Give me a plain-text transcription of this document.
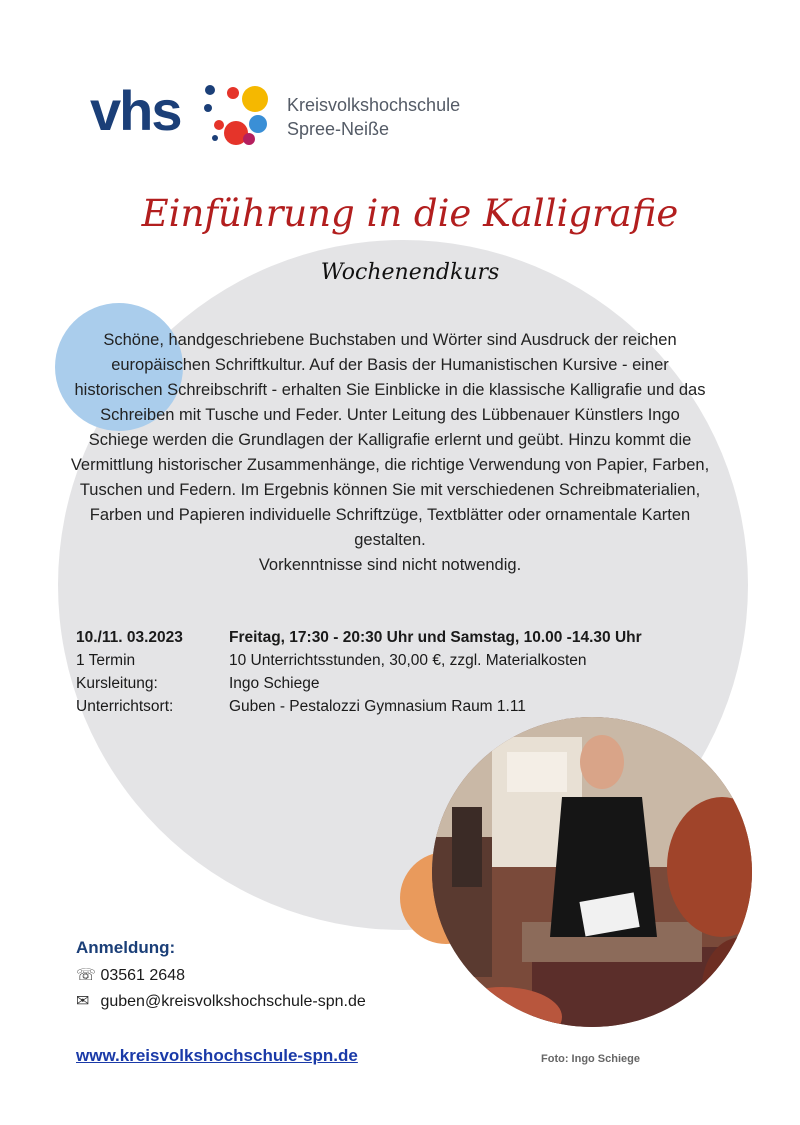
vhs	Kreisvolkshochschule
Spree-Neiße
Einführung in die Kalligrafie
Wochenendkurs
Schöne, handgeschriebene Buchstaben und Wörter sind Ausdruck der reichen europäischen Schriftkultur. Auf der Basis der Humanistischen Kursive - einer historischen Schreibschrift - erhalten Sie Einblicke in die klassische Kalligrafie und das Schreiben mit Tusche und Feder. Unter Leitung des Lübbenauer Künstlers Ingo Schiege werden die Grundlagen der Kalligrafie erlernt und geübt. Hinzu kommt die Vermittlung historischer Zusammenhänge, die richtige Verwendung von Papier, Farben, Tuschen und Federn. Im Ergebnis können Sie mit verschiedenen Schreibmaterialien, Farben und Papieren individuelle Schriftzüge, Textblätter oder ornamentale Karten gestalten.
Vorkenntnisse sind nicht notwendig.
10./11. 03.2023	Freitag, 17:30 - 20:30 Uhr und Samstag, 10.00 -14.30 Uhr
1 Termin	10 Unterrichtsstunden, 30,00 €, zzgl. Materialkosten
Kursleitung:	Ingo Schiege
Unterrichtsort:	Guben - Pestalozzi Gymnasium Raum 1.11
Anmeldung:
☏ 03561 2648
✉ guben@kreisvolkshochschule-spn.de
www.kreisvolkshochschule-spn.de	Foto: Ingo Schiege
